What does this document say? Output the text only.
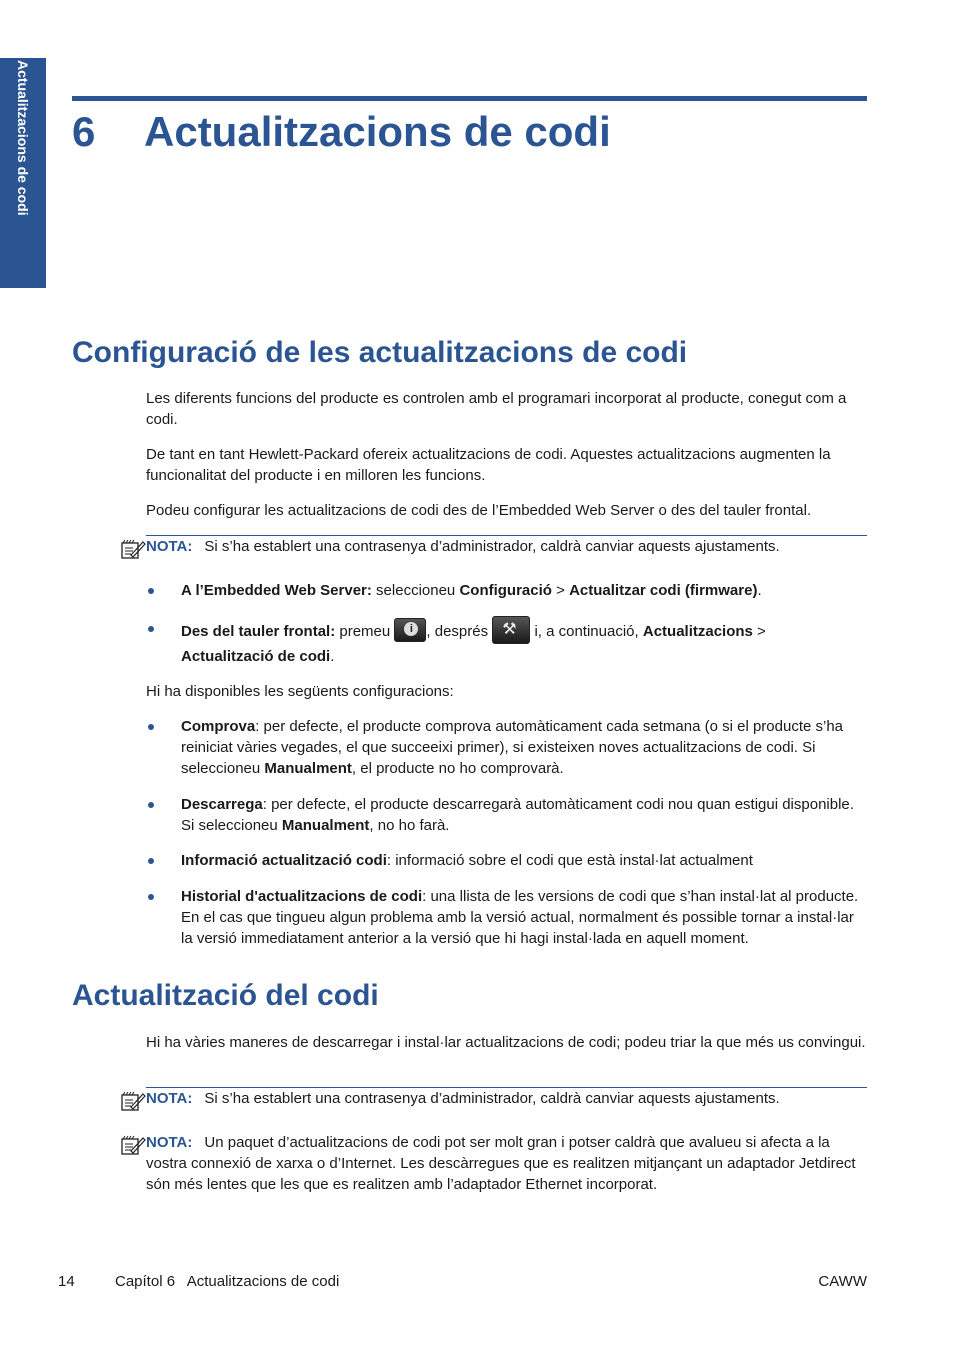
Actualitzacions de codi 6 Actualitzacions de codi
Configuració de les actualitzacions de codi

Les diferents funcions del producte es controlen amb el programari incorporat al producte, conegut com a codi.

De tant en tant Hewlett-Packard ofereix actualitzacions de codi. Aquestes actualitzacions augmenten la funcionalitat del producte i en milloren les funcions.

Podeu configurar les actualitzacions de codi des de l’Embedded Web Server o des del tauler frontal.

NOTA: Si s’ha establert una contrasenya d’administrador, caldrà canviar aquests ajustaments.
A l’Embedded Web Server: seleccioneu Configuració > Actualitzar codi (firmware).
Des del tauler frontal: premeu i, després ⚒	i, a continuació, Actualitzacions >
Actualització de codi.

Hi ha disponibles les següents configuracions:

Comprova: per defecte, el producte comprova automàticament cada setmana (o si el producte s’ha reiniciat vàries vegades, el que succeeixi primer), si existeixen noves actualitzacions de codi. Si seleccioneu Manualment, el producte no ho comprovarà.
Descarrega: per defecte, el producte descarregarà automàticament codi nou quan estigui disponible. Si seleccioneu Manualment, no ho farà.
Informació actualització codi: informació sobre el codi que està instal·lat actualment
Historial d'actualitzacions de codi: una llista de les versions de codi que s’han instal·lat al producte. En el cas que tingueu algun problema amb la versió actual, normalment és possible tornar a instal·lar la versió immediatament anterior a la versió que hi hagi instal·lada en aquell moment.
Actualització del codi

Hi ha vàries maneres de descarregar i instal·lar actualitzacions de codi; podeu triar la que més us convingui.

NOTA: Si s’ha establert una contrasenya d’administrador, caldrà canviar aquests ajustaments.
NOTA: Un paquet d’actualitzacions de codi pot ser molt gran i potser caldrà que avalueu si afecta a la vostra connexió de xarxa o d’Internet. Les descàrregues que es realitzen mitjançant un adaptador Jetdirect són més lentes que les que es realitzen amb l’adaptador Ethernet incorporat.
14	Capítol 6   Actualitzacions de codi	CAWW
